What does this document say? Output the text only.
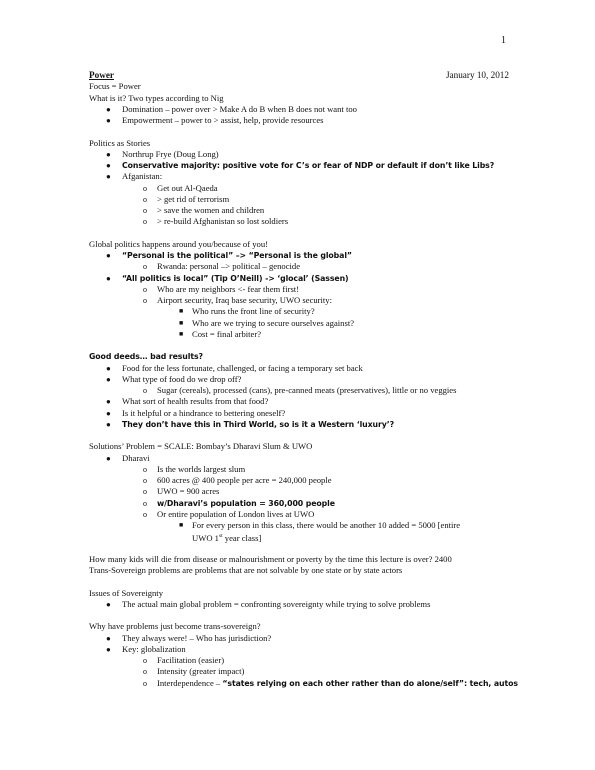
1
Power	January 10, 2012
Focus = Power
What is it? Two types according to Nig
● Domination – power over > Make A do B when B does not want too
● Empowerment – power to > assist, help, provide resources
Politics as Stories
● Northrup Frye (Doug Long)
● Conservative majority: positive vote for C’s or fear of NDP or default if don’t like Libs?
● Afganistan:
o Get out Al-Qaeda
o > get rid of terrorism
o > save the women and children
o > re-build Afghanistan so lost soldiers
Global politics happens around you/because of you!
● “Personal is the political” –> “Personal is the global”
o Rwanda: personal –> political – genocide
● “All politics is local” (Tip O’Neill) -> ‘glocal’ (Sassen)
o Who are my neighbors <- fear them first!
o Airport security, Iraq base security, UWO security:
■ Who runs the front line of security?
■ Who are we trying to secure ourselves against?
■ Cost = final arbiter?
Good deeds… bad results?
● Food for the less fortunate, challenged, or facing a temporary set back
● What type of food do we drop off?
o Sugar (cereals), processed (cans), pre-canned meats (preservatives), little or no veggies
● What sort of health results from that food?
● Is it helpful or a hindrance to bettering oneself?
● They don’t have this in Third World, so is it a Western ‘luxury’?
Solutions’ Problem = SCALE: Bombay’s Dharavi Slum & UWO
● Dharavi
o Is the worlds largest slum
o 600 acres @ 400 people per acre = 240,000 people
o UWO = 900 acres
o w/Dharavi’s population = 360,000 people
o Or entire population of London lives at UWO
■ For every person in this class, there would be another 10 added = 5000 [entire
UWO 1st year class]
How many kids will die from disease or malnourishment or poverty by the time this lecture is over? 2400
Trans-Sovereign problems are problems that are not solvable by one state or by state actors
Issues of Sovereignty
● The actual main global problem = confronting sovereignty while trying to solve problems
Why have problems just become trans-sovereign?
● They always were! – Who has jurisdiction?
● Key: globalization
o Facilitation (easier)
o Intensity (greater impact)
o Interdependence – “states relying on each other rather than do alone/self”: tech, autos
